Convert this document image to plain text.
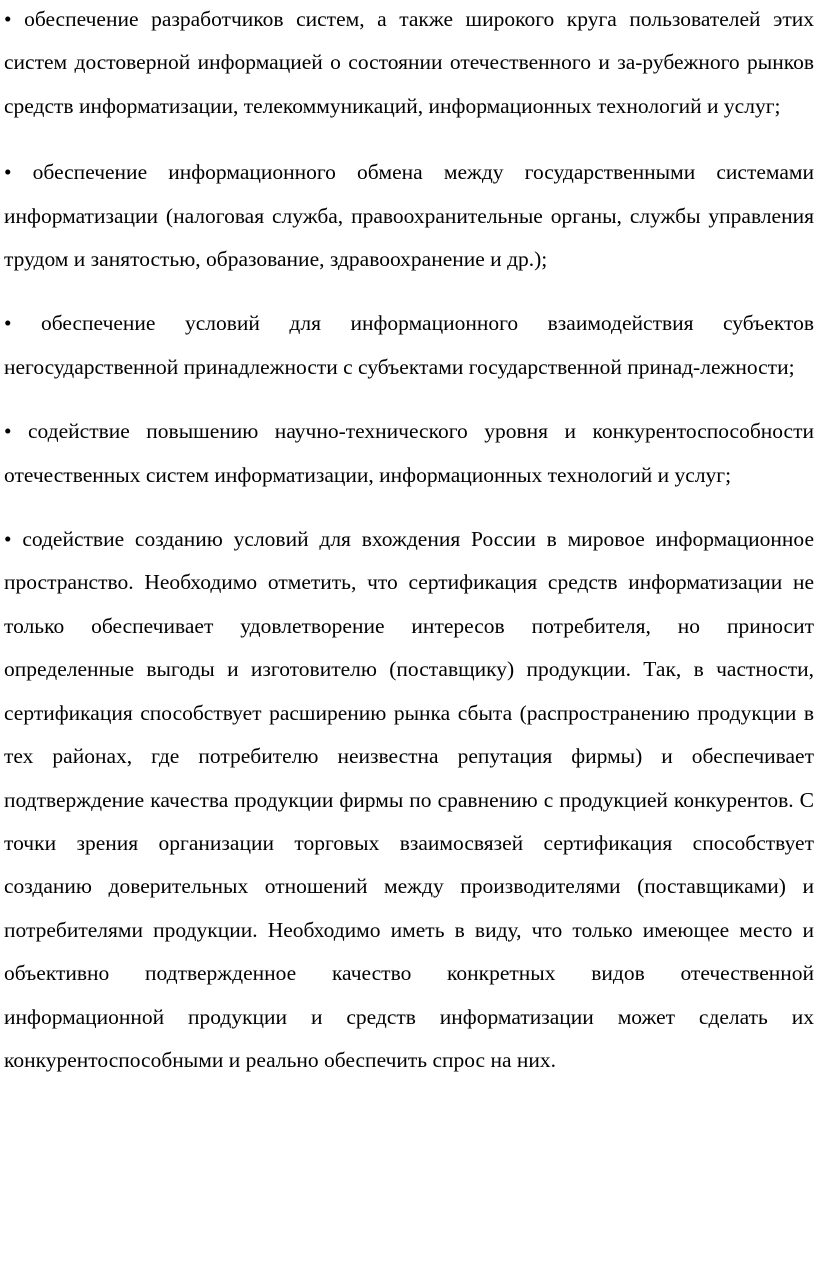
• обеспечение разработчиков систем, а также широкого круга пользователей этих систем достоверной информацией о состоянии отечественного и за-рубежного рынков средств информатизации, телекоммуникаций, информационных технологий и услуг;

• обеспечение информационного обмена между государственными системами информатизации (налоговая служба, правоохранительные органы, службы управления трудом и занятостью, образование, здравоохранение и др.);

• обеспечение условий для информационного взаимодействия субъектов негосударственной принадлежности с субъектами государственной принад-лежности;

• содействие повышению научно-технического уровня и конкурентоспособности отечественных систем информатизации, информационных технологий и услуг;

• содействие созданию условий для вхождения России в мировое информационное пространство. Необходимо отметить, что сертификация средств информатизации не только обеспечивает удовлетворение интересов потребителя, но приносит определенные выгоды и изготовителю (поставщику) продукции. Так, в частности, сертификация способствует расширению рынка сбыта (распространению продукции в тех районах, где потребителю неизвестна репутация фирмы) и обеспечивает подтверждение качества продукции фирмы по сравнению с продукцией конкурентов. С точки зрения организации торговых взаимосвязей сертификация способствует созданию доверительных отношений между производителями (поставщиками) и потребителями продукции. Необходимо иметь в виду, что только имеющее место и объективно подтвержденное качество конкретных видов отечественной информационной продукции и средств информатизации может сделать их конкурентоспособными и реально обеспечить спрос на них.
